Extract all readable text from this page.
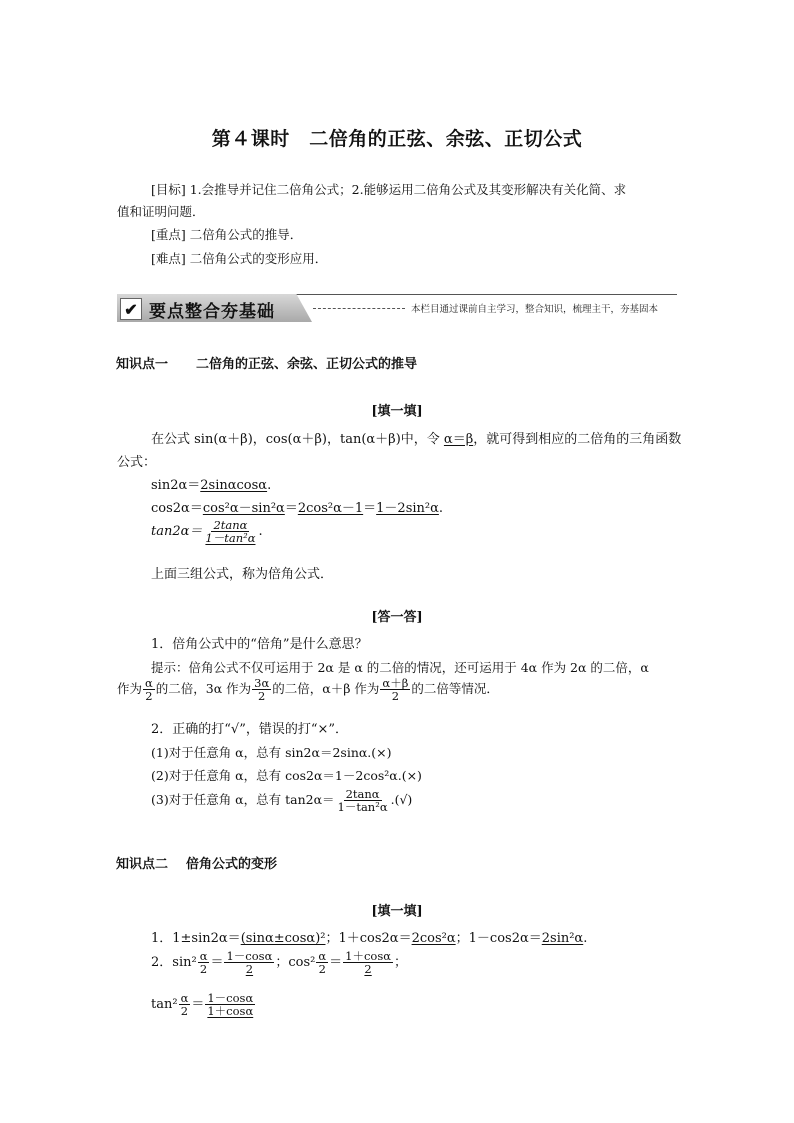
第４课时　二倍角的正弦、余弦、正切公式
[目标] 1.会推导并记住二倍角公式；2.能够运用二倍角公式及其变形解决有关化简、求
值和证明问题．
[重点] 二倍角公式的推导．
[难点] 二倍角公式的变形应用．
✔ 要点整合夯基础	本栏目通过课前自主学习，整合知识，梳理主干，夯基固本
知识点一 二倍角的正弦、余弦、正切公式的推导
[填一填]
在公式 sin(α＋β)，cos(α＋β)，tan(α＋β)中，令 α＝β，就可得到相应的二倍角的三角函数
公式：
sin2α＝2sinαcosα.
cos2α＝cos²α－sin²α＝2cos²α－1＝1－2sin²α.
$\tan 2\alpha= \frac{2\tan\alpha}{\text{1－tan²α}}$ .
上面三组公式，称为倍角公式．
[答一答]
1．倍角公式中的“倍角”是什么意思？
提示：倍角公式不仅可运用于 2α 是 α 的二倍的情况，还可运用于 4α 作为 2α 的二倍，α
作为 $\frac{\alpha}{2}$ 的二倍，3α 作为 $\frac{3\alpha}{2}$ 的二倍，α＋β 作为 $\frac{\alpha+\beta}{2}$ 的二倍等情况．
2．正确的打“√”，错误的打“×”．
(1)对于任意角 α，总有 sin2α＝2sinα.(×)
(2)对于任意角 α，总有 cos2α＝1－2cos²α.(×)
(3)对于任意角 α，总有 $\tan 2\alpha= \frac{2\tan\alpha}{\text{1－tan²α}}$ .(√)
知识点二 倍角公式的变形
[填一填]
1．1±sin2α＝(sinα±cosα)²；1＋cos2α＝2cos²α；1－cos2α＝2sin²α.
2．$\sin^2 \frac{\alpha}{2} = \frac{1-\cos\alpha}{2}$ ；$\cos^2 \frac{\alpha}{2} = \frac{1+\cos\alpha}{2}$ ；
$\tan^2 \frac{\alpha}{2} = \frac{1-\cos\alpha}{1+\cos\alpha}$
